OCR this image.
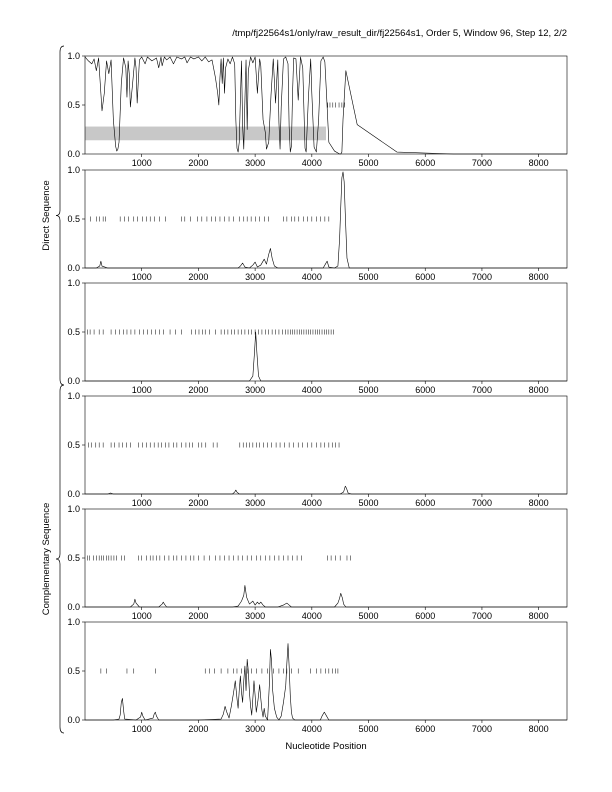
/tmp/fj22564s1/only/raw_result_dir/fj22564s1, Order 5, Window 96, Step 12, 2/2
0.0
0.5
1.0
1000	2000	3000	4000	5000	6000	7000	8000
0.0
0.5
1.0
1000	2000	3000	4000	5000	6000	7000	8000
0.0
0.5
1.0
1000	2000	3000	4000	5000	6000	7000	8000
0.0
0.5
1.0
1000	2000	3000	4000	5000	6000	7000	8000
0.0
0.5
1.0
1000	2000	3000	4000	5000	6000	7000	8000
0.0
0.5
1.0
1000	2000	3000	4000	5000	6000	7000	8000
Direct Sequence
Complementary Sequence
Nucleotide Position
